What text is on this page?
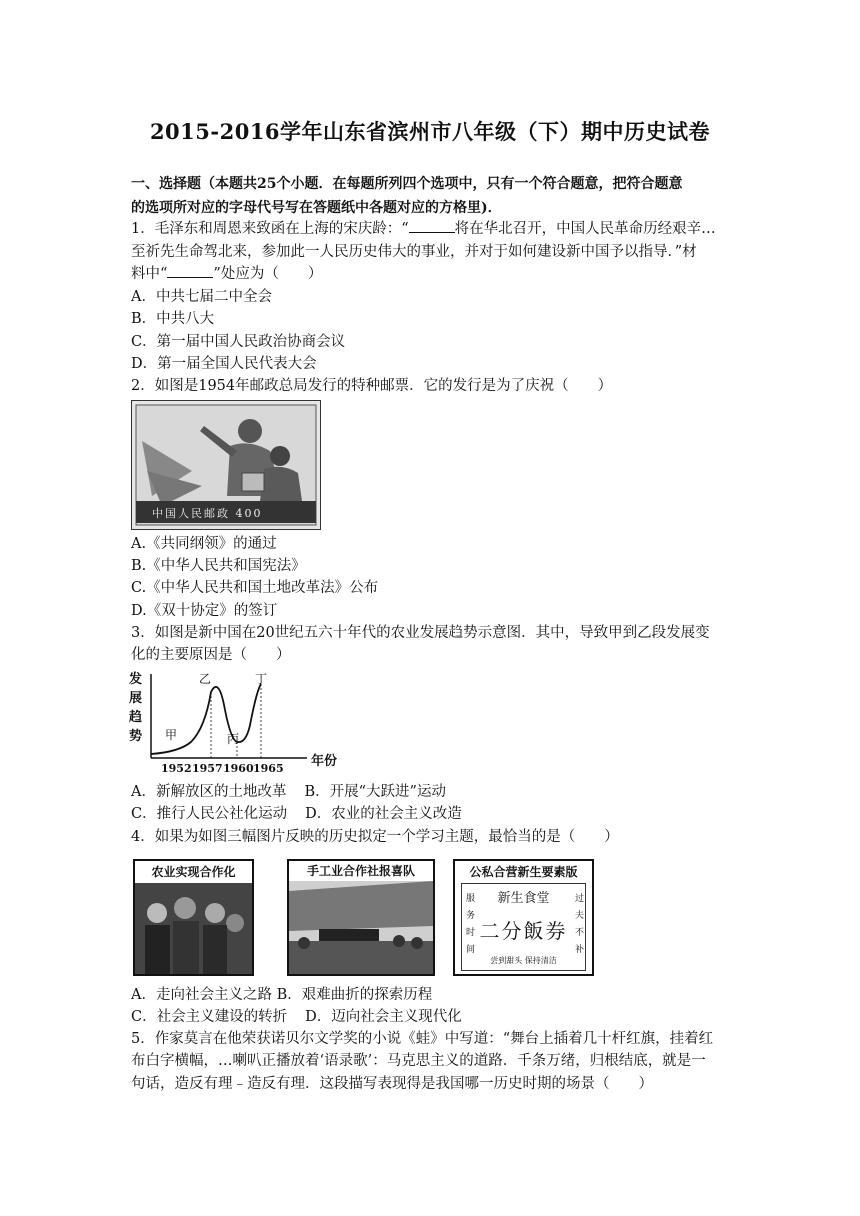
2015-2016学年山东省滨州市八年级（下）期中历史试卷
一、选择题（本题共25个小题．在每题所列四个选项中，只有一个符合题意，把符合题意
的选项所对应的字母代号写在答题纸中各题对应的方格里)．
1．毛泽东和周恩来致函在上海的宋庆龄：“	将在华北召开，中国人民革命历经艰辛…
至祈先生命驾北来，参加此一人民历史伟大的事业，并对于如何建设新中国予以指导．”材
料中“	”处应为（　　）
A．中共七届二中全会
B．中共八大
C．第一届中国人民政治协商会议
D．第一届全国人民代表大会
2．如图是1954年邮政总局发行的特种邮票．它的发行是为了庆祝（　　）
中国人民邮政 400
A.《共同纲领》的通过
B.《中华人民共和国宪法》
C.《中华人民共和国土地改革法》公布
D.《双十协定》的签订
3．如图是新中国在20世纪五六十年代的农业发展趋势示意图．其中，导致甲到乙段发展变
化的主要原因是（　　）
发展趋势 甲
乙
丙
丁
年份
1952 1957 1960 1965
A．新解放区的土地改革 B．开展“大跃进”运动
C．推行人民公社化运动 D．农业的社会主义改造
4．如果为如图三幅图片反映的历史拟定一个学习主题，最恰当的是（　　）
农业实现合作化	手工业合作社报喜队	公私合营新生要素版
新生食堂
二分飯券
服务时间
过夫不补
尝到甜头 保持清洁
A．走向社会主义之路 B．艰难曲折的探索历程
C．社会主义建设的转折 D．迈向社会主义现代化
5．作家莫言在他荣获诺贝尔文学奖的小说《蛙》中写道：“舞台上插着几十杆红旗，挂着红
布白字横幅，…喇叭正播放着‘语录歌’：马克思主义的道路．千条万绪，归根结底，就是一
句话，造反有理﹣造反有理．这段描写表现得是我国哪一历史时期的场景（　　）
